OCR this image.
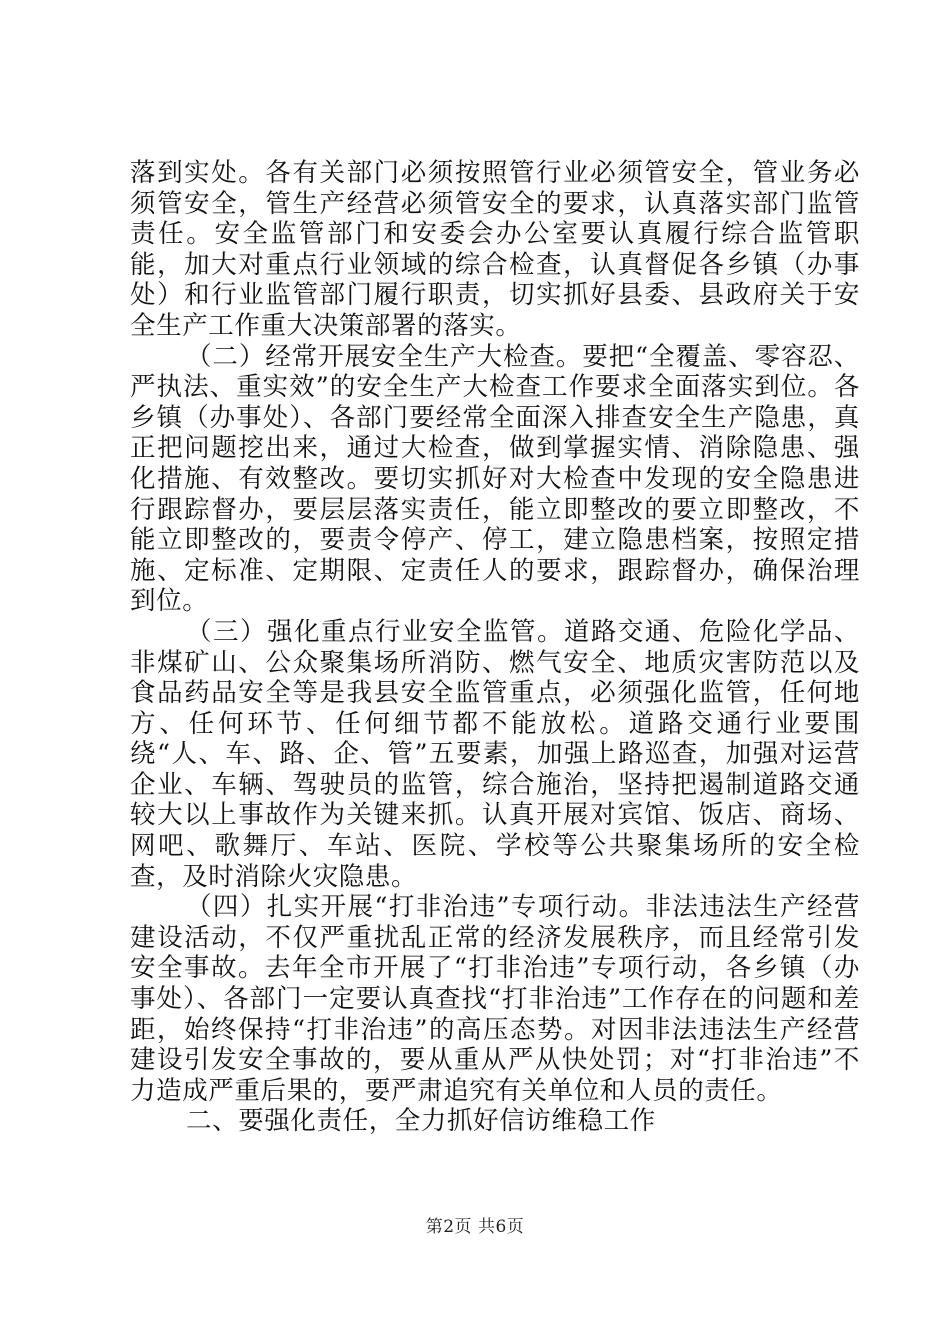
落到实处。各有关部门必须按照管行业必须管安全，管业务必须管安全，管生产经营必须管安全的要求，认真落实部门监管责任。安全监管部门和安委会办公室要认真履行综合监管职能，加大对重点行业领域的综合检查，认真督促各乡镇（办事处）和行业监管部门履行职责，切实抓好县委、县政府关于安全生产工作重大决策部署的落实。

（二）经常开展安全生产大检查。要把“全覆盖、零容忍、严执法、重实效”的安全生产大检查工作要求全面落实到位。各乡镇（办事处）、各部门要经常全面深入排查安全生产隐患，真正把问题挖出来，通过大检查，做到掌握实情、消除隐患、强化措施、有效整改。要切实抓好对大检查中发现的安全隐患进行跟踪督办，要层层落实责任，能立即整改的要立即整改，不能立即整改的，要责令停产、停工，建立隐患档案，按照定措施、定标准、定期限、定责任人的要求，跟踪督办，确保治理到位。

（三）强化重点行业安全监管。道路交通、危险化学品、非煤矿山、公众聚集场所消防、燃气安全、地质灾害防范以及食品药品安全等是我县安全监管重点，必须强化监管，任何地方、任何环节、任何细节都不能放松。道路交通行业要围绕“人、车、路、企、管”五要素，加强上路巡查，加强对运营企业、车辆、驾驶员的监管，综合施治，坚持把遏制道路交通较大以上事故作为关键来抓。认真开展对宾馆、饭店、商场、网吧、歌舞厅、车站、医院、学校等公共聚集场所的安全检查，及时消除火灾隐患。

（四）扎实开展“打非治违”专项行动。非法违法生产经营建设活动，不仅严重扰乱正常的经济发展秩序，而且经常引发安全事故。去年全市开展了“打非治违”专项行动，各乡镇（办事处）、各部门一定要认真查找“打非治违”工作存在的问题和差距，始终保持“打非治违”的高压态势。对因非法违法生产经营建设引发安全事故的，要从重从严从快处罚；对“打非治违”不力造成严重后果的，要严肃追究有关单位和人员的责任。

二、要强化责任，全力抓好信访维稳工作

第2页 共6页
